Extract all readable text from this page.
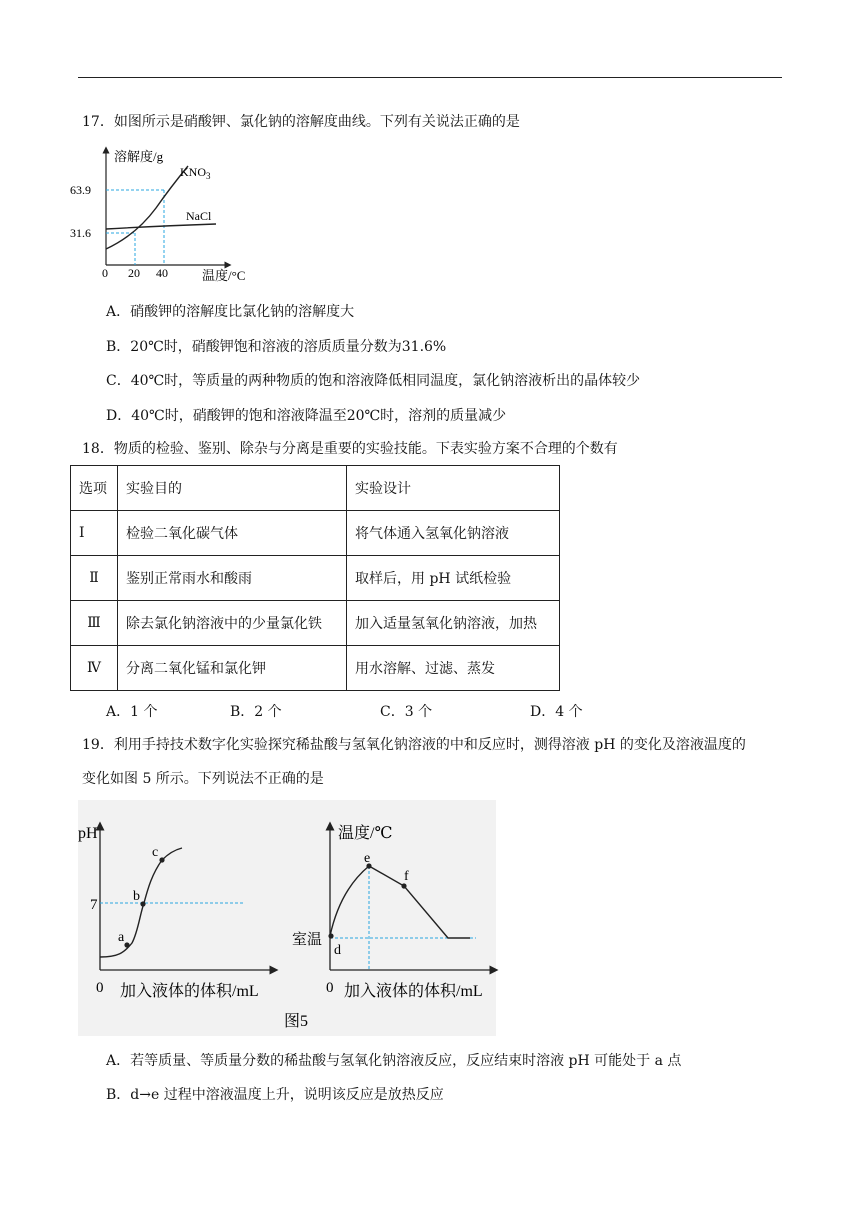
17．如图所示是硝酸钾、氯化钠的溶解度曲线。下列有关说法正确的是
溶解度/g
温度/°C
63.9
31.6
0 20 40
$KNO_3$
NaCl
A．硝酸钾的溶解度比氯化钠的溶解度大
B．20℃时，硝酸钾饱和溶液的溶质质量分数为31.6%
C．40℃时，等质量的两种物质的饱和溶液降低相同温度，氯化钠溶液析出的晶体较少
D．40℃时，硝酸钾的饱和溶液降温至20℃时，溶剂的质量减少
18．物质的检验、鉴别、除杂与分离是重要的实验技能。下表实验方案不合理的个数有
选项	实验目的	实验设计
I	检验二氧化碳气体	将气体通入氢氧化钠溶液
Ⅱ	鉴别正常雨水和酸雨	取样后，用 pH 试纸检验
Ⅲ	除去氯化钠溶液中的少量氯化铁	加入适量氢氧化钠溶液，加热
Ⅳ	分离二氧化锰和氯化钾	用水溶解、过滤、蒸发
A．1 个	B．2 个	C．3 个	D．4 个
19．利用手持技术数字化实验探究稀盐酸与氢氧化钠溶液的中和反应时，测得溶液 pH 的变化及溶液温度的
变化如图 5 所示。下列说法不正确的是
pH
7
0
a
b
c
加入液体的体积/mL
温度/℃
室温
0
d
e
f
加入液体的体积/mL
图5
A．若等质量、等质量分数的稀盐酸与氢氧化钠溶液反应，反应结束时溶液 pH 可能处于 a 点
B．d→e 过程中溶液温度上升，说明该反应是放热反应
